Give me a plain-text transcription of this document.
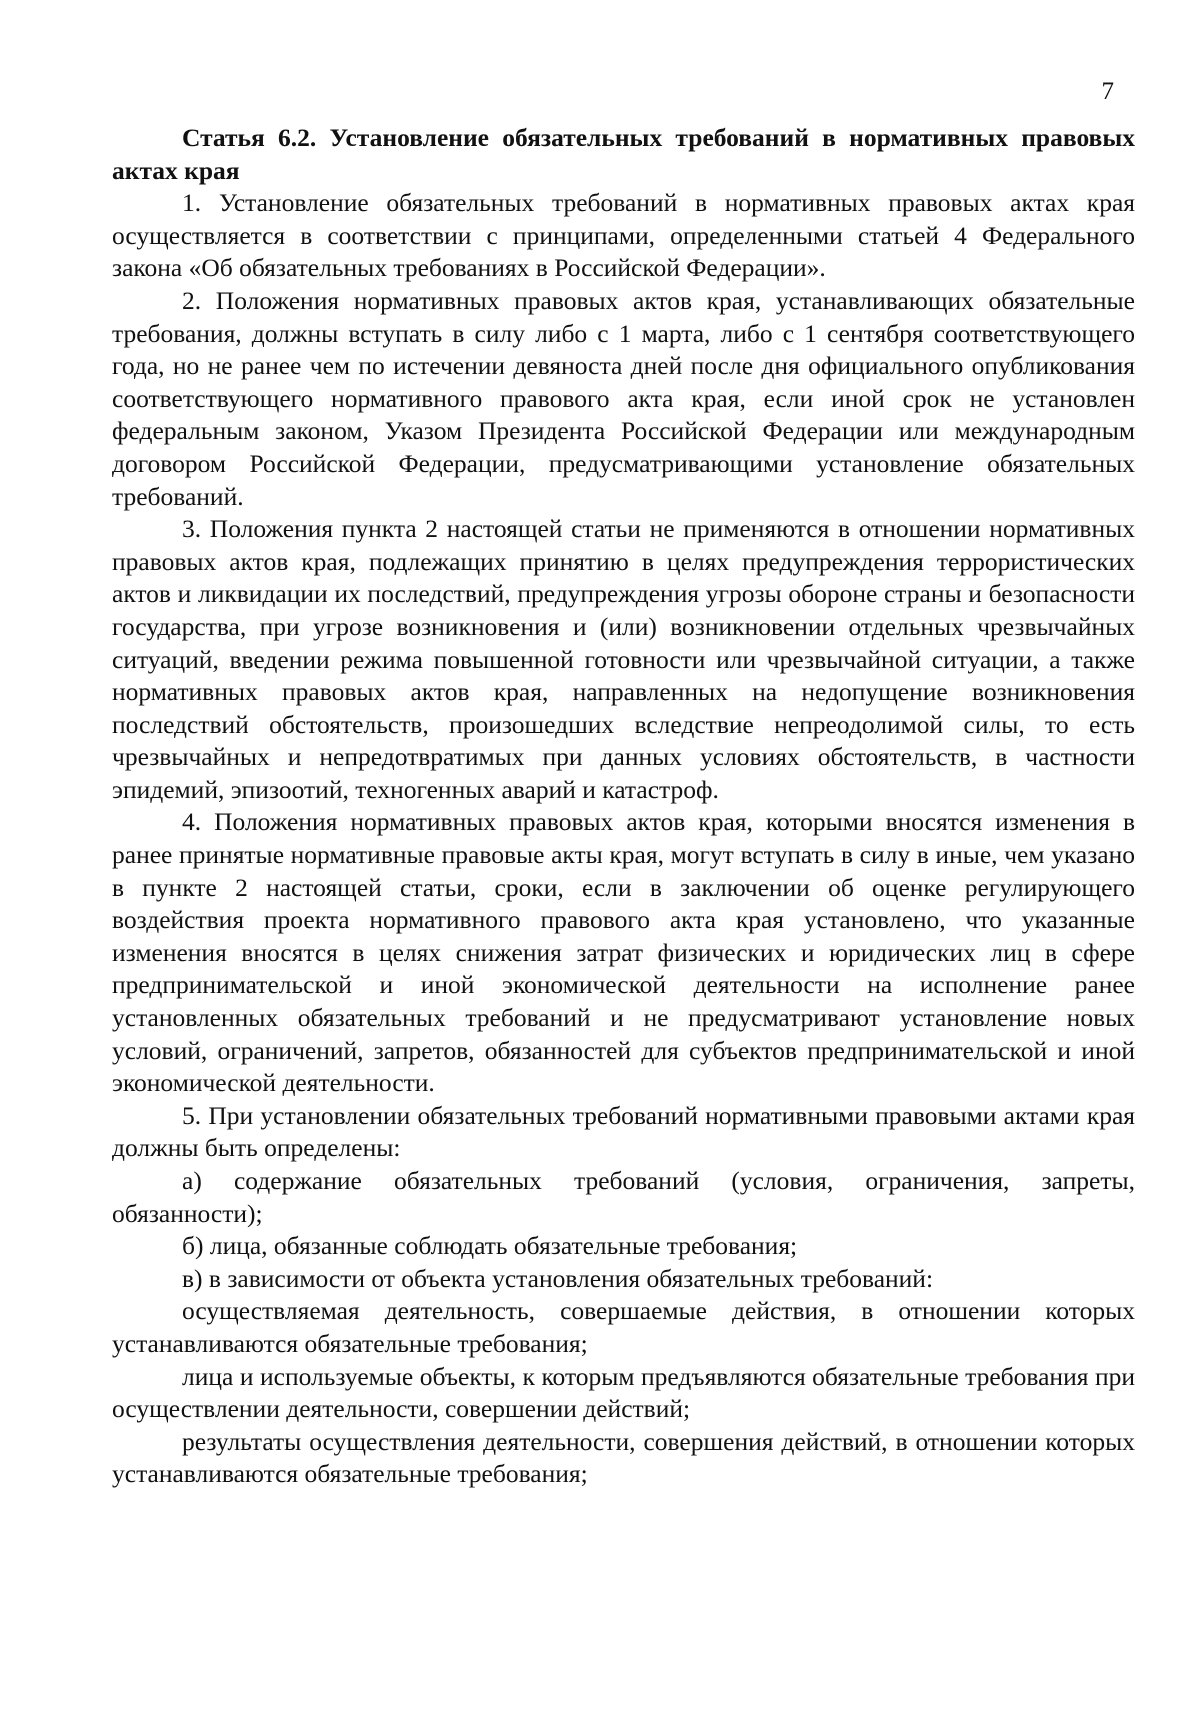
7
Статья 6.2. Установление обязательных требований в нормативных правовых актах края

1. Установление обязательных требований в нормативных правовых актах края осуществляется в соответствии с принципами, определенными статьей 4 Федерального закона «Об обязательных требованиях в Российской Федерации».

2. Положения нормативных правовых актов края, устанавливающих обязательные требования, должны вступать в силу либо с 1 марта, либо с 1 сентября соответствующего года, но не ранее чем по истечении девяноста дней после дня официального опубликования соответствующего нормативного правового акта края, если иной срок не установлен федеральным законом, Указом Президента Российской Федерации или международным договором Российской Федерации, предусматривающими установление обязательных требований.

3. Положения пункта 2 настоящей статьи не применяются в отношении нормативных правовых актов края, подлежащих принятию в целях предупреждения террористических актов и ликвидации их последствий, предупреждения угрозы обороне страны и безопасности государства, при угрозе возникновения и (или) возникновении отдельных чрезвычайных ситуаций, введении режима повышенной готовности или чрезвычайной ситуации, а также нормативных правовых актов края, направленных на недопущение возникновения последствий обстоятельств, произошедших вследствие непреодолимой силы, то есть чрезвычайных и непредотвратимых при данных условиях обстоятельств, в частности эпидемий, эпизоотий, техногенных аварий и катастроф.

4. Положения нормативных правовых актов края, которыми вносятся изменения в ранее принятые нормативные правовые акты края, могут вступать в силу в иные, чем указано в пункте 2 настоящей статьи, сроки, если в заключении об оценке регулирующего воздействия проекта нормативного правового акта края установлено, что указанные изменения вносятся в целях снижения затрат физических и юридических лиц в сфере предпринимательской и иной экономической деятельности на исполнение ранее установленных обязательных требований и не предусматривают установление новых условий, ограничений, запретов, обязанностей для субъектов предпринимательской и иной экономической деятельности.

5. При установлении обязательных требований нормативными правовыми актами края должны быть определены:

а) содержание обязательных требований (условия, ограничения, запреты, обязанности);

б) лица, обязанные соблюдать обязательные требования;

в) в зависимости от объекта установления обязательных требований:

осуществляемая деятельность, совершаемые действия, в отношении которых устанавливаются обязательные требования;

лица и используемые объекты, к которым предъявляются обязательные требования при осуществлении деятельности, совершении действий;

результаты осуществления деятельности, совершения действий, в отношении которых устанавливаются обязательные требования;
